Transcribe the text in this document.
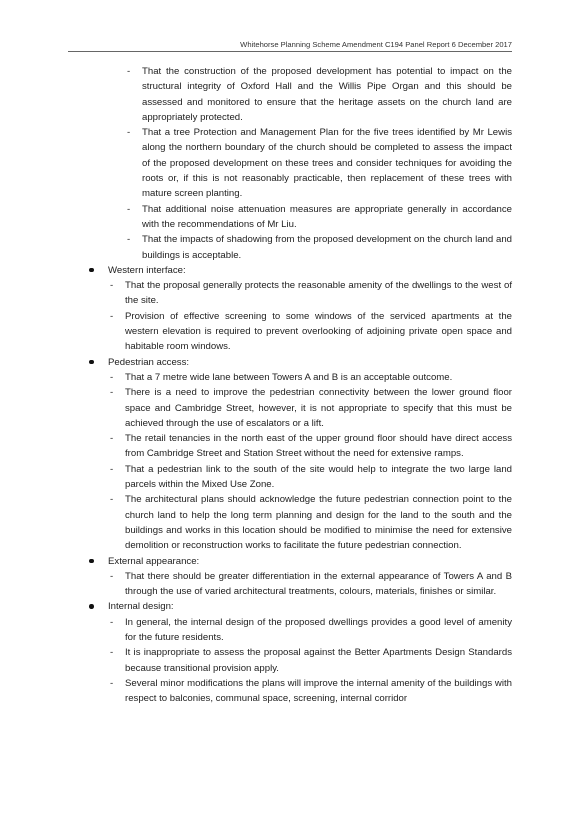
Whitehorse Planning Scheme Amendment C194 Panel Report 6 December 2017
- That the construction of the proposed development has potential to impact on the structural integrity of Oxford Hall and the Willis Pipe Organ and this should be assessed and monitored to ensure that the heritage assets on the church land are appropriately protected.

- That a tree Protection and Management Plan for the five trees identified by Mr Lewis along the northern boundary of the church should be completed to assess the impact of the proposed development on these trees and consider techniques for avoiding the roots or, if this is not reasonably practicable, then replacement of these trees with mature screen planting.

- That additional noise attenuation measures are appropriate generally in accordance with the recommendations of Mr Liu.

- That the impacts of shadowing from the proposed development on the church land and buildings is acceptable.

Western interface:
- That the proposal generally protects the reasonable amenity of the dwellings to the west of the site.

- Provision of effective screening to some windows of the serviced apartments at the western elevation is required to prevent overlooking of adjoining private open space and habitable room windows.

Pedestrian access:
- That a 7 metre wide lane between Towers A and B is an acceptable outcome.

- There is a need to improve the pedestrian connectivity between the lower ground floor space and Cambridge Street, however, it is not appropriate to specify that this must be achieved through the use of escalators or a lift.

- The retail tenancies in the north east of the upper ground floor should have direct access from Cambridge Street and Station Street without the need for extensive ramps.

- That a pedestrian link to the south of the site would help to integrate the two large land parcels within the Mixed Use Zone.

- The architectural plans should acknowledge the future pedestrian connection point to the church land to help the long term planning and design for the land to the south and the buildings and works in this location should be modified to minimise the need for extensive demolition or reconstruction works to facilitate the future pedestrian connection.

External appearance:
- That there should be greater differentiation in the external appearance of Towers A and B through the use of varied architectural treatments, colours, materials, finishes or similar.

Internal design:
- In general, the internal design of the proposed dwellings provides a good level of amenity for the future residents.

- It is inappropriate to assess the proposal against the Better Apartments Design Standards because transitional provision apply.

- Several minor modifications the plans will improve the internal amenity of the buildings with respect to balconies, communal space, screening, internal corridor
